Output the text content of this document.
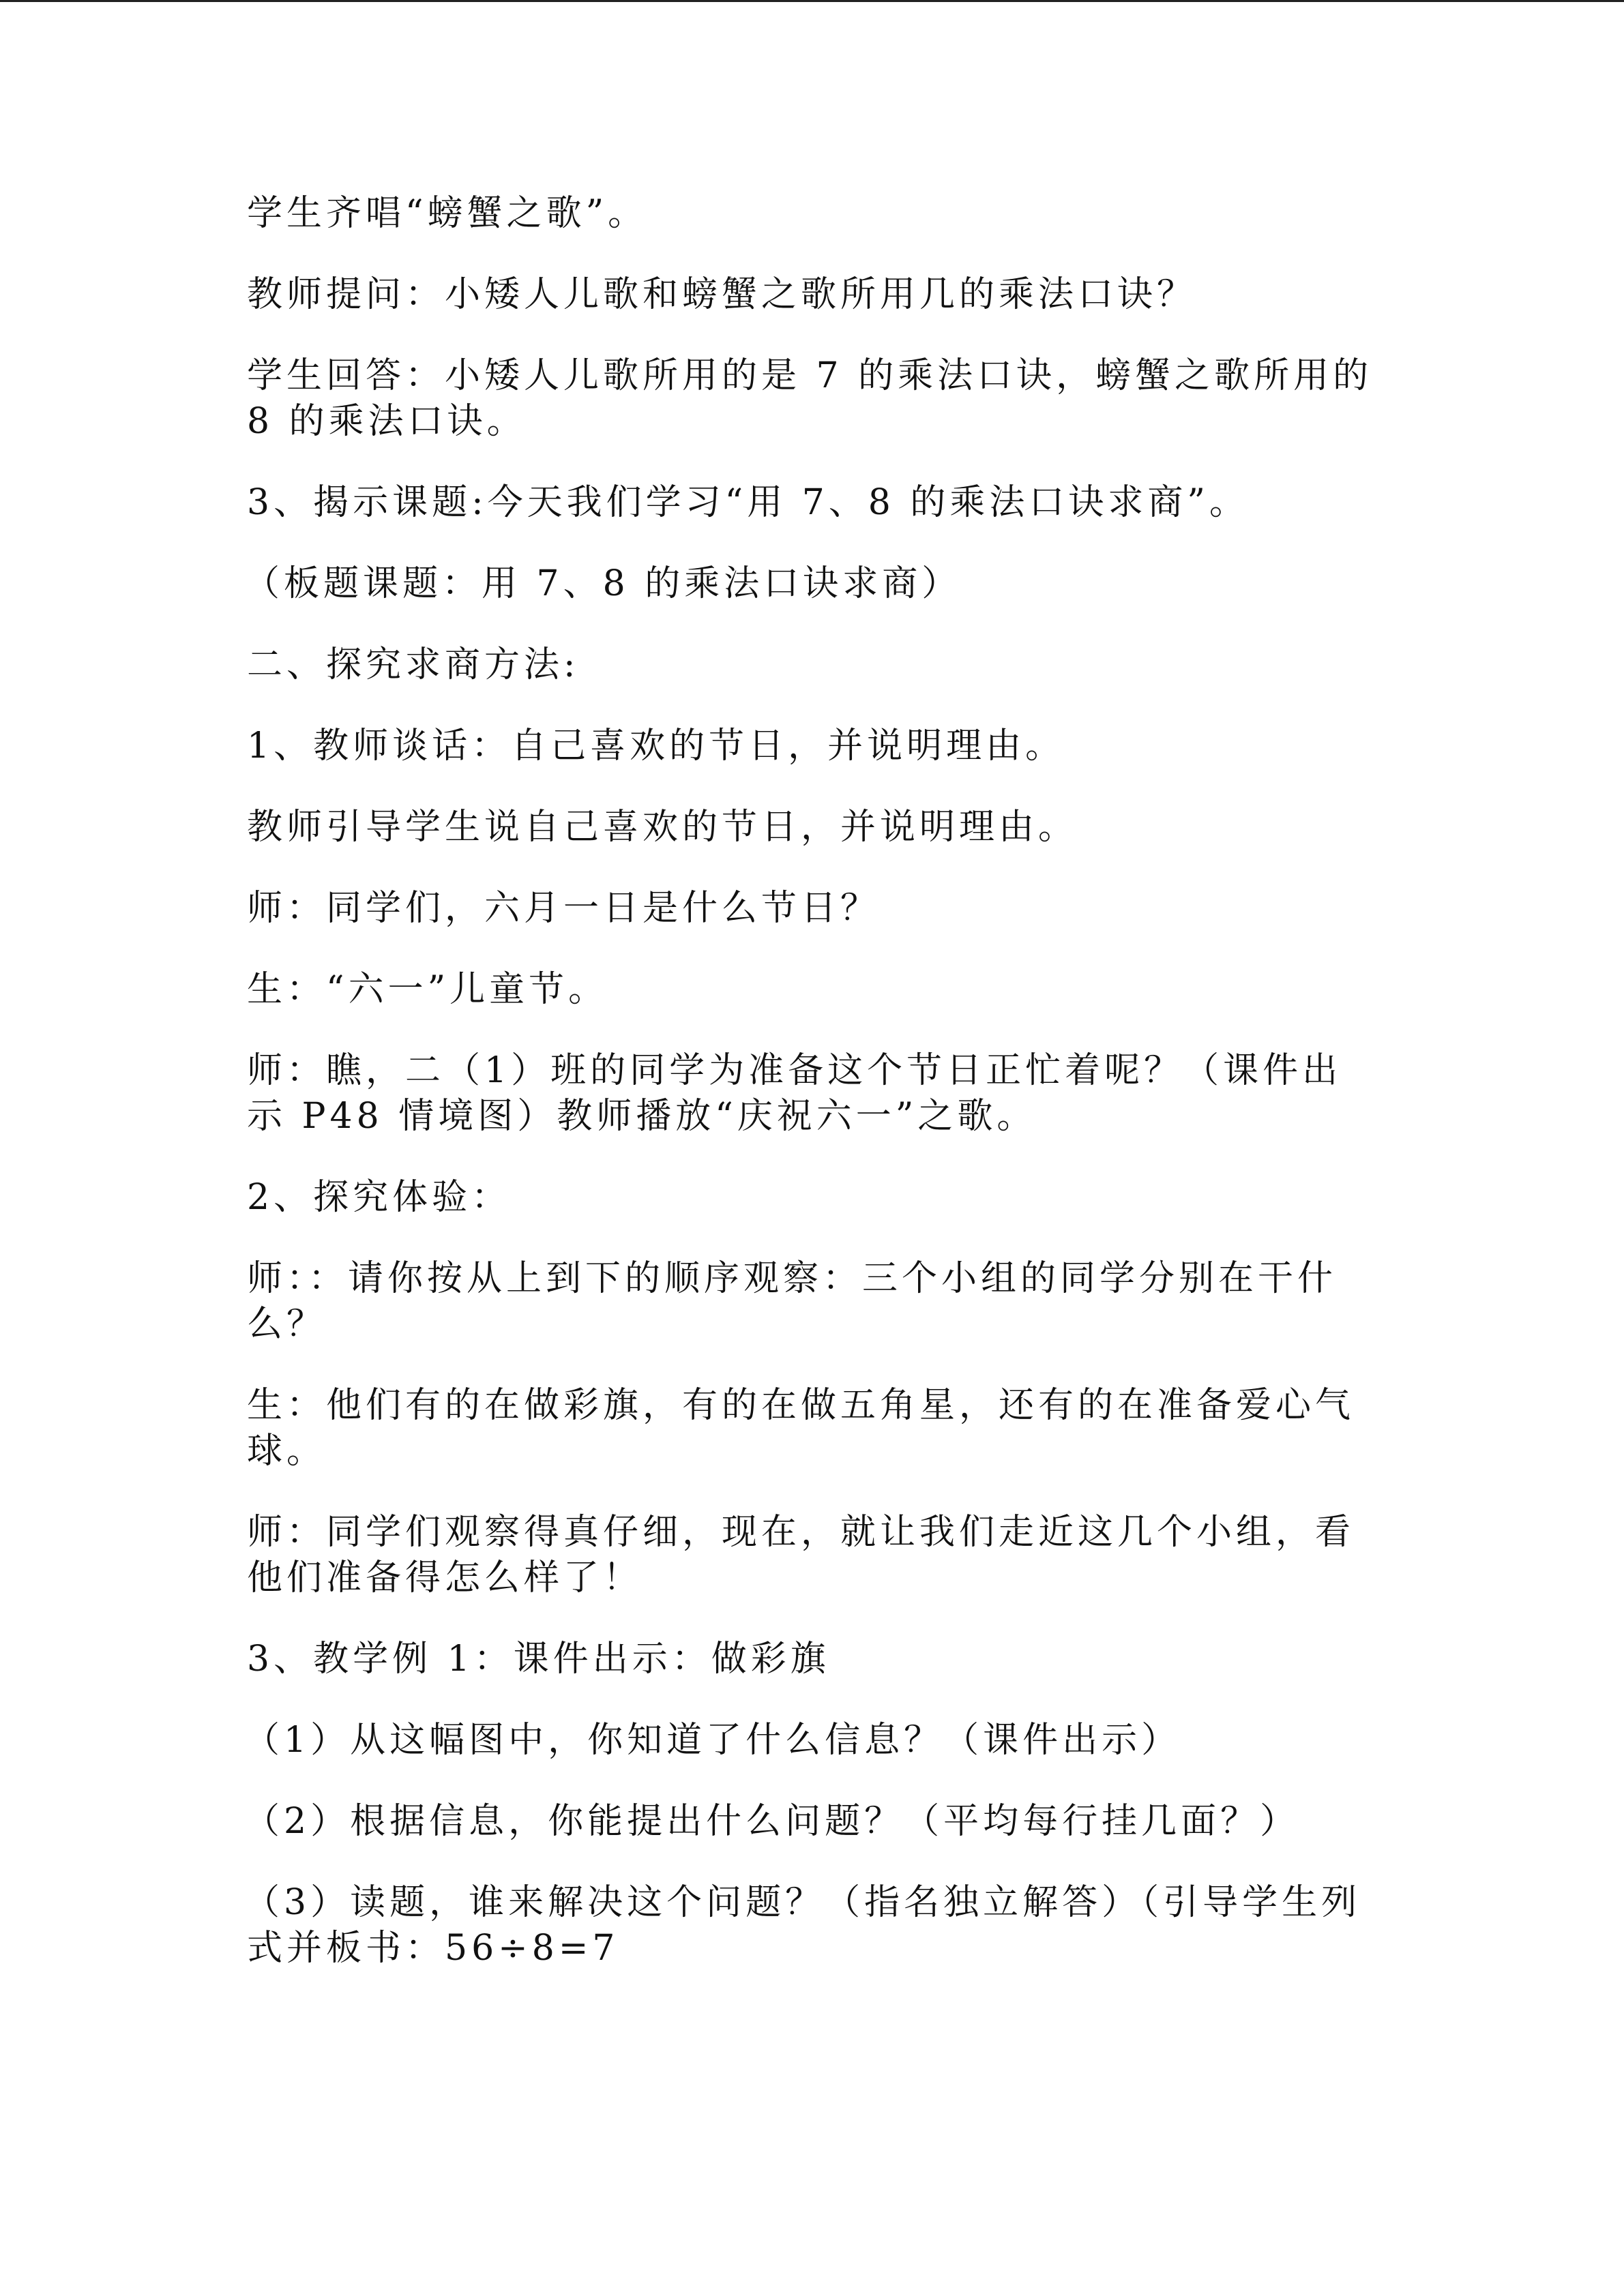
学生齐唱“螃蟹之歌”。

教师提问：小矮人儿歌和螃蟹之歌所用几的乘法口诀？

学生回答：小矮人儿歌所用的是 7 的乘法口诀，螃蟹之歌所用的 8 的乘法口诀。

3、揭示课题:今天我们学习“用 7、8 的乘法口诀求商”。

（板题课题：用 7、8 的乘法口诀求商）

二、探究求商方法:

1、教师谈话：自己喜欢的节日，并说明理由。

教师引导学生说自己喜欢的节日，并说明理由。

师：同学们，六月一日是什么节日？

生：“六一”儿童节。

师：瞧，二（1）班的同学为准备这个节日正忙着呢？（课件出示 P48 情境图）教师播放“庆祝六一”之歌。

2、探究体验：

师：：请你按从上到下的顺序观察：三个小组的同学分别在干什么？

生：他们有的在做彩旗，有的在做五角星，还有的在准备爱心气球。

师：同学们观察得真仔细，现在，就让我们走近这几个小组，看他们准备得怎么样了！

3、教学例 1：课件出示：做彩旗

（1）从这幅图中，你知道了什么信息？（课件出示）

（2）根据信息，你能提出什么问题？（平均每行挂几面？）

（3）读题，谁来解决这个问题？（指名独立解答）（引导学生列式并板书：56÷8=7
